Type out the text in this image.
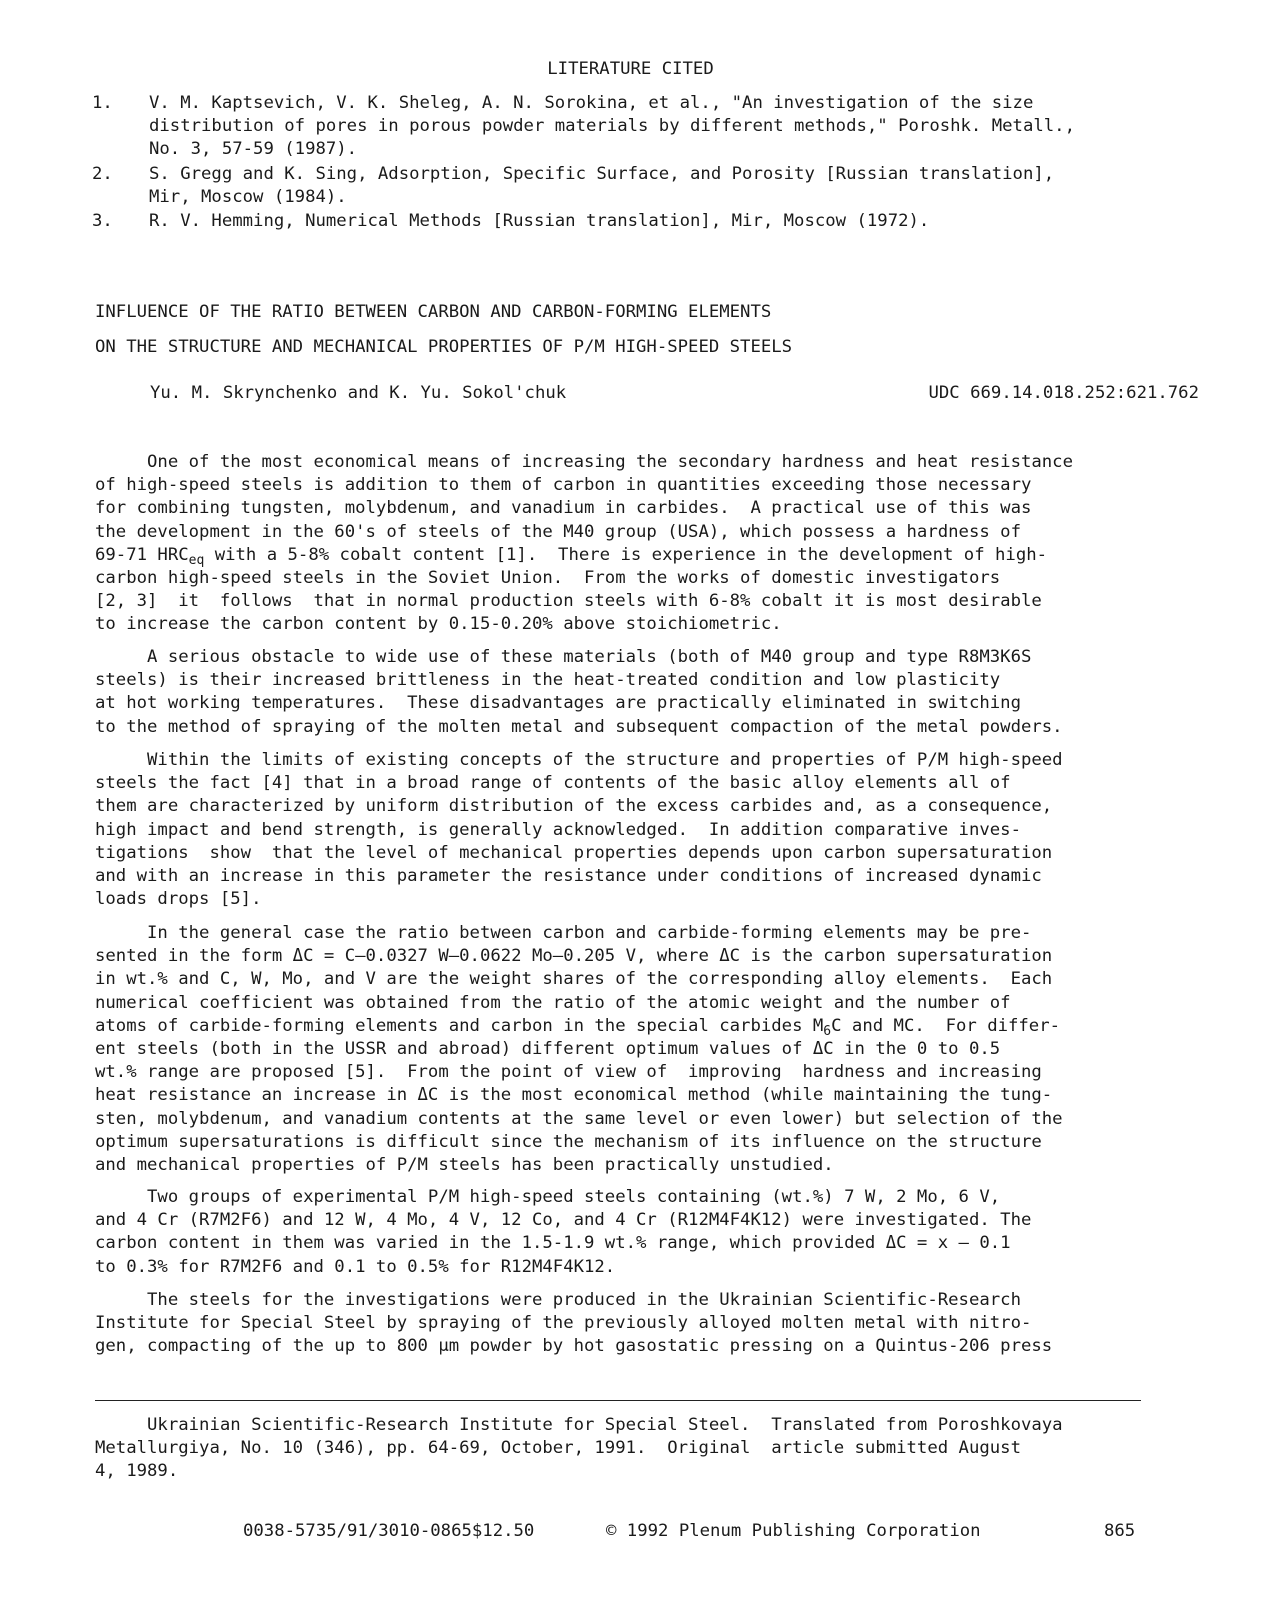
LITERATURE CITED
1. V. M. Kaptsevich, V. K. Sheleg, A. N. Sorokina, et al., "An investigation of the size
distribution of pores in porous powder materials by different methods," Poroshk. Metall.,
No. 3, 57-59 (1987).
2. S. Gregg and K. Sing, Adsorption, Specific Surface, and Porosity [Russian translation],
Mir, Moscow (1984).
3. R. V. Hemming, Numerical Methods [Russian translation], Mir, Moscow (1972).
INFLUENCE OF THE RATIO BETWEEN CARBON AND CARBON-FORMING ELEMENTS
ON THE STRUCTURE AND MECHANICAL PROPERTIES OF P/M HIGH-SPEED STEELS
Yu. M. Skrynchenko and K. Yu. Sokol'chuk	UDC 669.14.018.252:621.762
One of the most economical means of increasing the secondary hardness and heat resistance
of high-speed steels is addition to them of carbon in quantities exceeding those necessary
for combining tungsten, molybdenum, and vanadium in carbides.  A practical use of this was
the development in the 60's of steels of the M40 group (USA), which possess a hardness of
69-71 $HRC_{eq}$ with a 5-8% cobalt content [1].  There is experience in the development of high-
carbon high-speed steels in the Soviet Union.  From the works of domestic investigators
[2, 3]  it  follows  that in normal production steels with 6-8% cobalt it is most desirable
to increase the carbon content by 0.15-0.20% above stoichiometric.
A serious obstacle to wide use of these materials (both of M40 group and type R8M3K6S
steels) is their increased brittleness in the heat-treated condition and low plasticity
at hot working temperatures.  These disadvantages are practically eliminated in switching
to the method of spraying of the molten metal and subsequent compaction of the metal powders.
Within the limits of existing concepts of the structure and properties of P/M high-speed
steels the fact [4] that in a broad range of contents of the basic alloy elements all of
them are characterized by uniform distribution of the excess carbides and, as a consequence,
high impact and bend strength, is generally acknowledged.  In addition comparative inves-
tigations  show  that the level of mechanical properties depends upon carbon supersaturation
and with an increase in this parameter the resistance under conditions of increased dynamic
loads drops [5].
In the general case the ratio between carbon and carbide-forming elements may be pre-
sented in the form ΔC = C–0.0327 W–0.0622 Mo–0.205 V, where ΔC is the carbon supersaturation
in wt.% and C, W, Mo, and V are the weight shares of the corresponding alloy elements.  Each
numerical coefficient was obtained from the ratio of the atomic weight and the number of
atoms of carbide-forming elements and carbon in the special carbides $M_6C$ and MC.  For differ-
ent steels (both in the USSR and abroad) different optimum values of ΔC in the 0 to 0.5
wt.% range are proposed [5].  From the point of view of  improving  hardness and increasing
heat resistance an increase in ΔC is the most economical method (while maintaining the tung-
sten, molybdenum, and vanadium contents at the same level or even lower) but selection of the
optimum supersaturations is difficult since the mechanism of its influence on the structure
and mechanical properties of P/M steels has been practically unstudied.
Two groups of experimental P/M high-speed steels containing (wt.%) 7 W, 2 Mo, 6 V,
and 4 Cr (R7M2F6) and 12 W, 4 Mo, 4 V, 12 Co, and 4 Cr (R12M4F4K12) were investigated. The
carbon content in them was varied in the 1.5-1.9 wt.% range, which provided ΔC = x – 0.1
to 0.3% for R7M2F6 and 0.1 to 0.5% for R12M4F4K12.
The steels for the investigations were produced in the Ukrainian Scientific-Research
Institute for Special Steel by spraying of the previously alloyed molten metal with nitro-
gen, compacting of the up to 800 μm powder by hot gasostatic pressing on a Quintus-206 press
Ukrainian Scientific-Research Institute for Special Steel.  Translated from Poroshkovaya
Metallurgiya, No. 10 (346), pp. 64-69, October, 1991.  Original  article submitted August
4, 1989.
0038-5735/91/3010-0865$12.50	© 1992 Plenum Publishing Corporation	865
